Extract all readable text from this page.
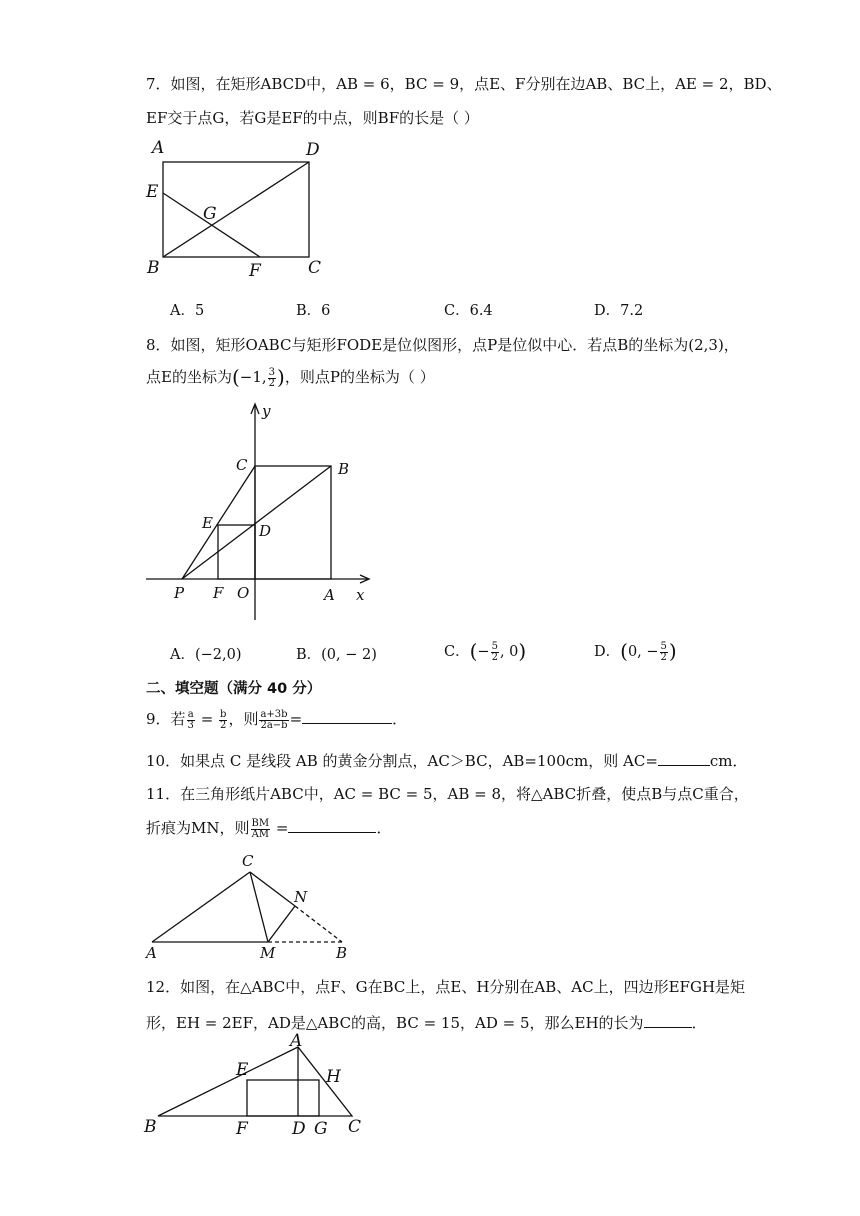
7．如图，在矩形ABCD中，AB = 6，BC = 9，点E、F分别在边AB、BC上，AE = 2，BD、
EF交于点G，若G是EF的中点，则BF的长是（ ）
A	D
E
G
B	F	C
A．5	B．6	C．6.4	D．7.2
8．如图，矩形OABC与矩形FODE是位似图形，点P是位似中心．若点B的坐标为(2,3)，
点E的坐标为(−1, $\frac{3}{2}$ )，则点P的坐标为（ ）
y
C	B
E	D
P F O	A x
A．(−2,0)	B．(0, − 2)	C．(− $\frac{5}{2}$ , 0)	D．(0, − $\frac{5}{2}$ )
二、填空题（满分 40 分）
9．若 $\frac{a}{3} = \frac{b}{2}$ ，则 $\frac{a+3b}{2a-b}$ =	．
10．如果点 C 是线段 AB 的黄金分割点，AC＞BC，AB=100cm，则 AC=	cm．
11．在三角形纸片ABC中，AC = BC = 5，AB = 8，将△ABC折叠，使点B与点C重合，
折痕为MN，则 $\frac{BM}{AM}$ =	．
C
N
A	M	B
12．如图，在△ABC中，点F、G在BC上，点E、H分别在AB、AC上，四边形EFGH是矩
形，EH = 2EF，AD是△ABC的高，BC = 15，AD = 5，那么EH的长为	．
A
E	H
B	F	D G C
